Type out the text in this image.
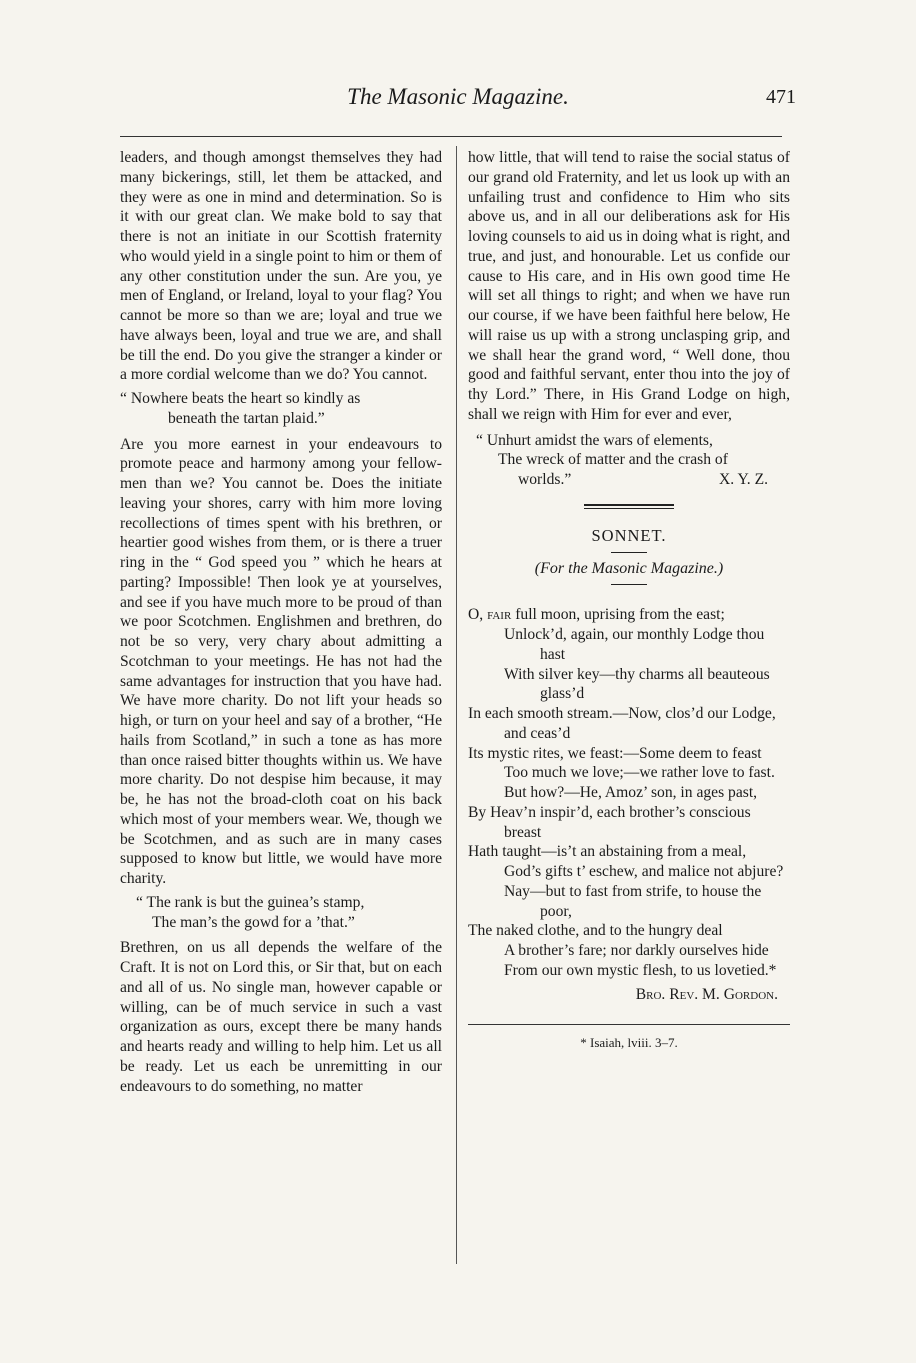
The Masonic Magazine.	471

leaders, and though amongst themselves they had many bickerings, still, let them be attacked, and they were as one in mind and determination. So is it with our great clan. We make bold to say that there is not an initiate in our Scottish fraternity who would yield in a single point to him or them of any other constitution under the sun. Are you, ye men of England, or Ireland, loyal to your flag? You cannot be more so than we are; loyal and true we have always been, loyal and true we are, and shall be till the end. Do you give the stranger a kinder or a more cordial welcome than we do? You cannot.

“ Nowhere beats the heart so kindly as
beneath the tartan plaid.”

Are you more earnest in your endeavours to promote peace and harmony among your fellow-men than we? You cannot be. Does the initiate leaving your shores, carry with him more loving recollections of times spent with his brethren, or heartier good wishes from them, or is there a truer ring in the “ God speed you ” which he hears at parting? Impossible! Then look ye at yourselves, and see if you have much more to be proud of than we poor Scotchmen. Englishmen and brethren, do not be so very, very chary about admitting a Scotchman to your meetings. He has not had the same advantages for instruction that you have had. We have more charity. Do not lift your heads so high, or turn on your heel and say of a brother, “He hails from Scotland,” in such a tone as has more than once raised bitter thoughts within us. We have more charity. Do not despise him because, it may be, he has not the broad-cloth coat on his back which most of your members wear. We, though we be Scotchmen, and as such are in many cases supposed to know but little, we would have more charity.

“ The rank is but the guinea’s stamp,
The man’s the gowd for a ’that.”

Brethren, on us all depends the welfare of the Craft. It is not on Lord this, or Sir that, but on each and all of us. No single man, however capable or willing, can be of much service in such a vast organization as ours, except there be many hands and hearts ready and willing to help him. Let us all be ready. Let us each be unremitting in our endeavours to do something, no matter

how little, that will tend to raise the social status of our grand old Fraternity, and let us look up with an unfailing trust and confidence to Him who sits above us, and in all our deliberations ask for His loving counsels to aid us in doing what is right, and true, and just, and honourable. Let us confide our cause to His care, and in His own good time He will set all things to right; and when we have run our course, if we have been faithful here below, He will raise us up with a strong unclasping grip, and we shall hear the grand word, “ Well done, thou good and faithful servant, enter thou into the joy of thy Lord.” There, in His Grand Lodge on high, shall we reign with Him for ever and ever,

“ Unhurt amidst the wars of elements,
The wreck of matter and the crash of
worlds.”	X. Y. Z.
SONNET.
(For the Masonic Magazine.)
O, fair full moon, uprising from the east;
Unlock’d, again, our monthly Lodge thou hast
With silver key—thy charms all beauteous glass’d
In each smooth stream.—Now, clos’d our Lodge, and ceas’d
Its mystic rites, we feast:—Some deem to feast
Too much we love;—we rather love to fast.
But how?—He, Amoz’ son, in ages past,
By Heav’n inspir’d, each brother’s conscious breast
Hath taught—is’t an abstaining from a meal,
God’s gifts t’ eschew, and malice not abjure?
Nay—but to fast from strife, to house the poor,
The naked clothe, and to the hungry deal
A brother’s fare; nor darkly ourselves hide
From our own mystic flesh, to us lovetied.*
Bro. Rev. M. Gordon.
* Isaiah, lviii. 3–7.
